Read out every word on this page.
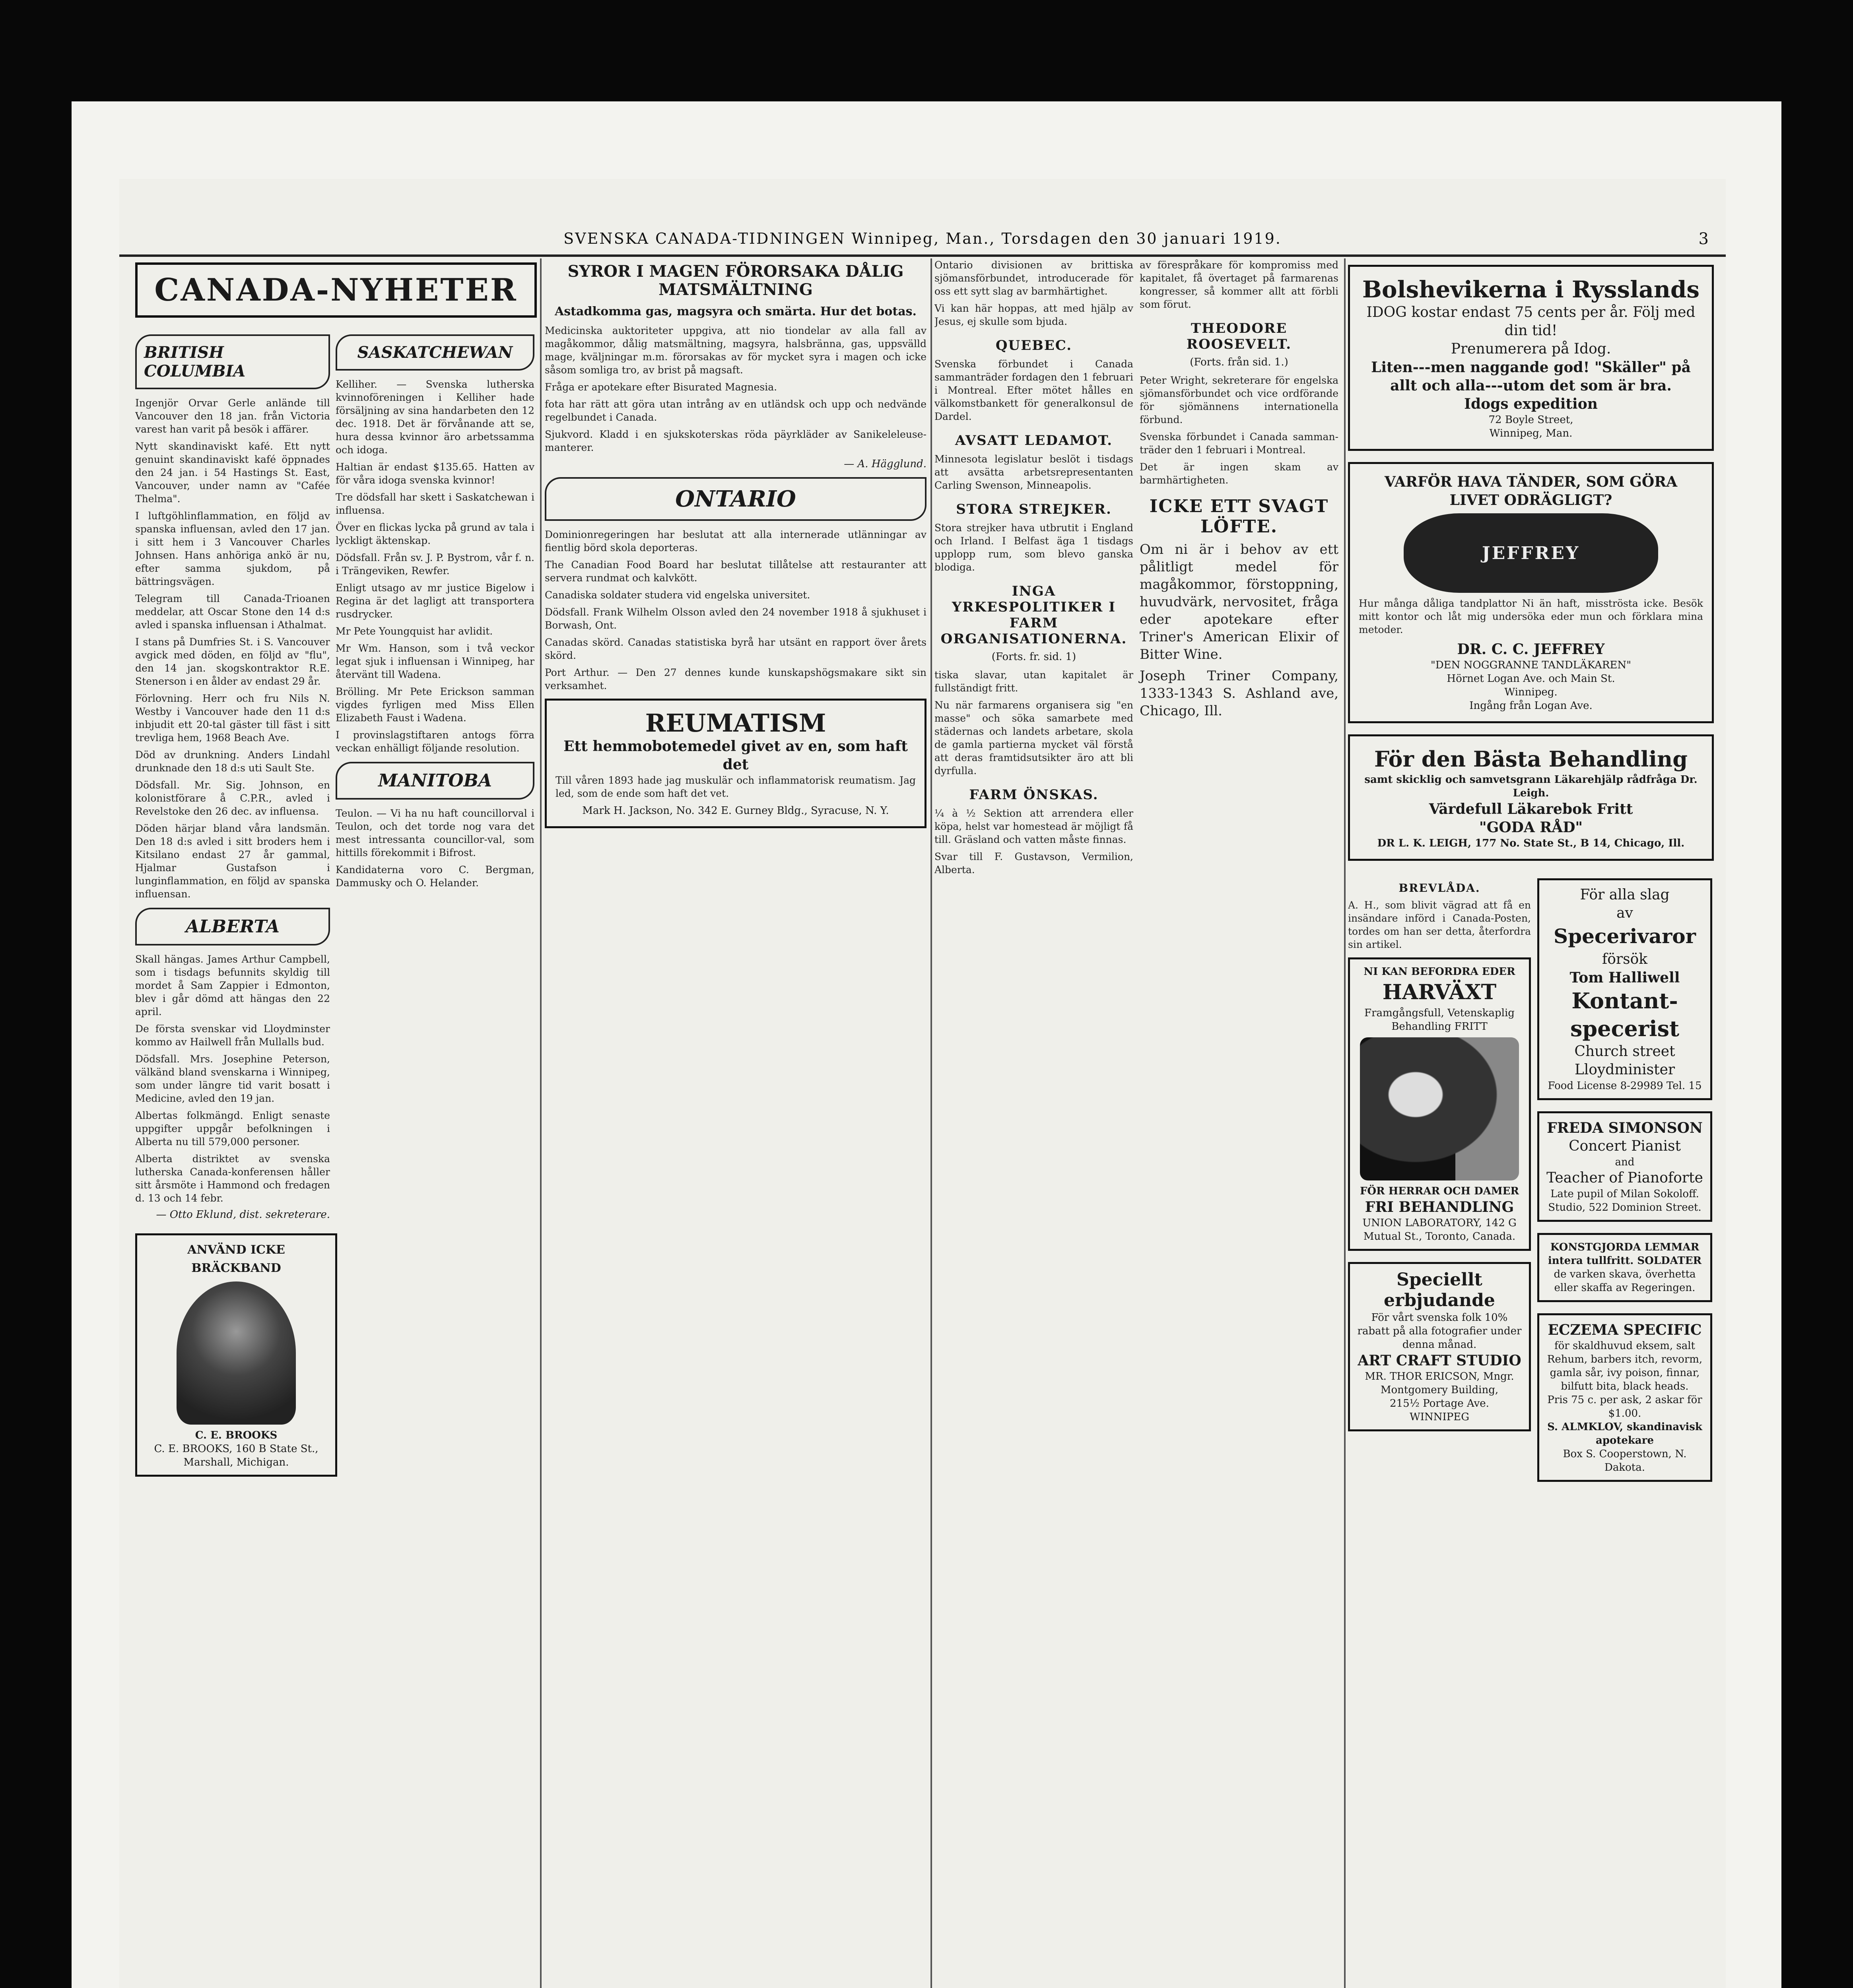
SVENSKA CANADA-TIDNINGEN Winnipeg, Man., Torsdagen den 30 januari 1919.	3
CANADA-NYHETER
BRITISH COLUMBIA

Ingenjör Orvar Gerle anlände till Vancouver den 18 jan. från Victoria varest han varit på besök i affärer.

Nytt skandinaviskt kafé. Ett nytt genuint skandinaviskt kafé öppnades den 24 jan. i 54 Hastings St. East, Vancouver, under namn av "Cafée Thelma".

I luftgöhlinflammation, en följd av spanska influensan, avled den 17 jan. i sitt hem i 3 Vancouver Charles Johnsen. Hans anhöriga ankö är nu, efter samma sjukdom, på bättringsvägen.

Telegram till Canada-Trioanen meddelar, att Oscar Stone den 14 d:s avled i spanska influensan i Athalmat.

I stans på Dumfries St. i S. Vancouver avgick med döden, en följd av "flu", den 14 jan. skogskontraktor R.E. Stenerson i en ålder av endast 29 år.

Förlovning. Herr och fru Nils N. Westby i Vancouver hade den 11 d:s inbjudit ett 20-tal gäster till fäst i sitt trevliga hem, 1968 Beach Ave.

Död av drunkning. Anders Lindahl drunknade den 18 d:s uti Sault Ste.

Dödsfall. Mr. Sig. Johnson, en kolonistförare å C.P.R., avled i Revelstoke den 26 dec. av influensa.

Döden härjar bland våra landsmän. Den 18 d:s avled i sitt broders hem i Kitsilano endast 27 år gammal, Hjalmar Gustafson i lunginflammation, en följd av spanska influensan.

ALBERTA

Skall hängas. James Arthur Campbell, som i tisdags befunnits skyldig till mordet å Sam Zappier i Edmonton, blev i går dömd att hängas den 22 april.

De första svenskar vid Lloydminster kommo av Hailwell från Mullalls bud.

Dödsfall. Mrs. Josephine Peterson, välkänd bland svenskarna i Winnipeg, som under längre tid varit bosatt i Medicine, avled den 19 jan.

Albertas folkmängd. Enligt senaste uppgifter uppgår befolkningen i Alberta nu till 579,000 personer.

Alberta distriktet av svenska lutherska Canada-konferensen håller sitt årsmöte i Hammond och fredagen d. 13 och 14 febr.

— Otto Eklund, dist. sekreterare.

SASKATCHEWAN

Kelliher. — Svenska lutherska kvinnoföreningen i Kelliher hade försäljning av sina handarbeten den 12 dec. 1918. Det är förvånande att se, hura dessa kvinnor äro arbetssamma och idoga.

Haltian är endast $135.65. Hatten av för våra idoga svenska kvinnor!

Tre dödsfall har skett i Saskatchewan i influensa.

Över en flickas lycka på grund av tala i lyckligt äktenskap.

Dödsfall. Från sv. J. P. Bystrom, vår f. n. i Trängeviken, Rewfer.

Enligt utsago av mr justice Bigelow i Regina är det lagligt att transportera rusdrycker.

Mr Pete Youngquist har avlidit.

Mr Wm. Hanson, som i två veckor legat sjuk i influensan i Winnipeg, har återvänt till Wadena.

Brölling. Mr Pete Erickson samman vigdes fyrligen med Miss Ellen Elizabeth Faust i Wadena.

I provinslagstiftaren antogs förra veckan enhälligt följande resolution.

MANITOBA

Teulon. — Vi ha nu haft councillorval i Teulon, och det torde nog vara det mest intressanta councillor-val, som hittills förekommit i Bifrost.

Kandidaterna voro C. Bergman, Dammusky och O. Helander.

ANVÄND ICKE BRÄCKBAND
C. E. BROOKS
C. E. BROOKS, 160 B State St., Marshall, Michigan.
SYROR I MAGEN FÖRORSAKA DÅLIG MATSMÄLTNING
Astadkomma gas, magsyra och smärta. Hur det botas.

Medicinska auktoriteter uppgiva, att nio tiondelar av alla fall av magåkommor, dålig matsmältning, magsyra, halsbränna, gas, uppsvälld mage, kväljningar m.m. förorsakas av för mycket syra i magen och icke såsom somliga tro, av brist på magsaft.

Fråga er apotekare efter Bisurated Magnesia.

fota har rätt att göra utan intrång av en utländsk och upp och nedvände regelbundet i Canada.

Sjukvord. Kladd i en sjukskoterskas röda päyrkläder av Sanikeleleuse-manterer.

— A. Hägglund.

ONTARIO

Dominionregeringen har beslutat att alla internerade utlänningar av fientlig börd skola deporteras.

The Canadian Food Board har beslutat tillåtelse att restauranter att servera rundmat och kalvkött.

Canadiska soldater studera vid engelska universitet.

Dödsfall. Frank Wilhelm Olsson avled den 24 november 1918 å sjukhuset i Borwash, Ont.

Canadas skörd. Canadas statistiska byrå har utsänt en rapport över årets skörd.

Port Arthur. — Den 27 dennes kunde kunskapshögsmakare sikt sin verksamhet.

REUMATISM
Ett hemmobotemedel givet av en, som haft det

Till våren 1893 hade jag muskulär och inflammatorisk reumatism. Jag led, som de ende som haft det vet.

Mark H. Jackson, No. 342 E. Gurney Bldg., Syracuse, N. Y.

Ontario divisionen av brittiska sjömansförbundet, introducerade för oss ett sytt slag av barmhärtighet.

Vi kan här hoppas, att med hjälp av Jesus, ej skulle som bjuda.

QUEBEC.

Svenska förbundet i Canada sammanträder fordagen den 1 februari i Montreal. Efter mötet hålles en välkomstbankett för generalkonsul de Dardel.

AVSATT LEDAMOT.

Minnesota legislatur beslöt i tisdags att avsätta arbetsrepresentanten Carling Swenson, Minneapolis.

STORA STREJKER.

Stora strejker hava utbrutit i England och Irland. I Belfast äga 1 tisdags upplopp rum, som blevo ganska blodiga.

INGA YRKESPOLITIKER I FARM ORGANISATIONERNA.
(Forts. fr. sid. 1)

tiska slavar, utan kapitalet är fullständigt fritt.

Nu när farmarens organisera sig "en masse" och söka samarbete med städernas och landets arbetare, skola de gamla partierna mycket väl förstå att deras framtidsutsikter äro att bli dyrfulla.

FARM ÖNSKAS.

¼ à ½ Sektion att arrendera eller köpa, helst var homestead är möjligt få till. Gräsland och vatten måste finnas.

Svar till F. Gustavson, Vermilion, Alberta.

av förespråkare för kompromiss med kapitalet, få övertaget på farmarenas kongresser, så kommer allt att förbli som förut.

THEODORE ROOSEVELT.
(Forts. från sid. 1.)

Peter Wright, sekreterare för engelska sjömansförbundet och vice ordförande för sjömännens internationella förbund.

Svenska förbundet i Canada samman- träder den 1 februari i Montreal.

Det är ingen skam av barmhärtigheten.

ICKE ETT SVAGT LÖFTE.

Om ni är i behov av ett pålitligt medel för magåkommor, förstoppning, huvudvärk, nervositet, fråga eder apotekare efter Triner's American Elixir of Bitter Wine.

Joseph Triner Company, 1333-1343 S. Ashland ave, Chicago, Ill.

Bolshevikerna i Rysslands
IDOG kostar endast 75 cents per år. Följ med din tid!
Prenumerera på Idog.
Liten---men naggande god! "Skäller" på allt och alla---utom det som är bra.
Idogs expedition
72 Boyle Street,
Winnipeg, Man.
VARFÖR HAVA TÄNDER, SOM GÖRA LIVET ODRÄGLIGT?
JEFFREY

Hur många dåliga tandplattor Ni än haft, misströsta icke. Besök mitt kontor och låt mig undersöka eder mun och förklara mina metoder.

DR. C. C. JEFFREY
"DEN NOGGRANNE TANDLÄKAREN"
Hörnet Logan Ave. och Main St.
Winnipeg.
Ingång från Logan Ave.
För den Bästa Behandling
samt skicklig och samvetsgrann Läkarehjälp rådfråga Dr. Leigh.
Värdefull Läkarebok Fritt
"GODA RÅD"
DR L. K. LEIGH, 177 No. State St., B 14, Chicago, Ill.
BREVLÅDA.

A. H., som blivit vägrad att få en insändare införd i Canada-Posten, tordes om han ser detta, återfordra sin artikel.

NI KAN BEFORDRA EDER
HARVÄXT
Framgångsfull, Vetenskaplig Behandling FRITT
FÖR HERRAR OCH DAMER
FRI BEHANDLING
UNION LABORATORY, 142 G Mutual St., Toronto, Canada.
Speciellt erbjudande
För vårt svenska folk 10% rabatt på alla fotografier under denna månad.
ART CRAFT STUDIO
MR. THOR ERICSON, Mngr.
Montgomery Building,
215½ Portage Ave.
WINNIPEG
För alla slag
av
Specerivaror
försök
Tom Halliwell
Kontant-
specerist
Church street
Lloydminister
Food License 8-29989 Tel. 15
FREDA SIMONSON
Concert Pianist
and
Teacher of Pianoforte
Late pupil of Milan Sokoloff.
Studio, 522 Dominion Street.
KONSTGJORDA LEMMAR intera tullfritt. SOLDATER
de varken skava, överhetta eller skaffa av Regeringen.
ECZEMA SPECIFIC
för skaldhuvud eksem, salt Rehum, barbers itch, revorm, gamla sår, ivy poison, finnar, bilfutt bita, black heads.
Pris 75 c. per ask, 2 askar för $1.00.
S. ALMKLOV, skandinavisk apotekare
Box S. Cooperstown, N. Dakota.
